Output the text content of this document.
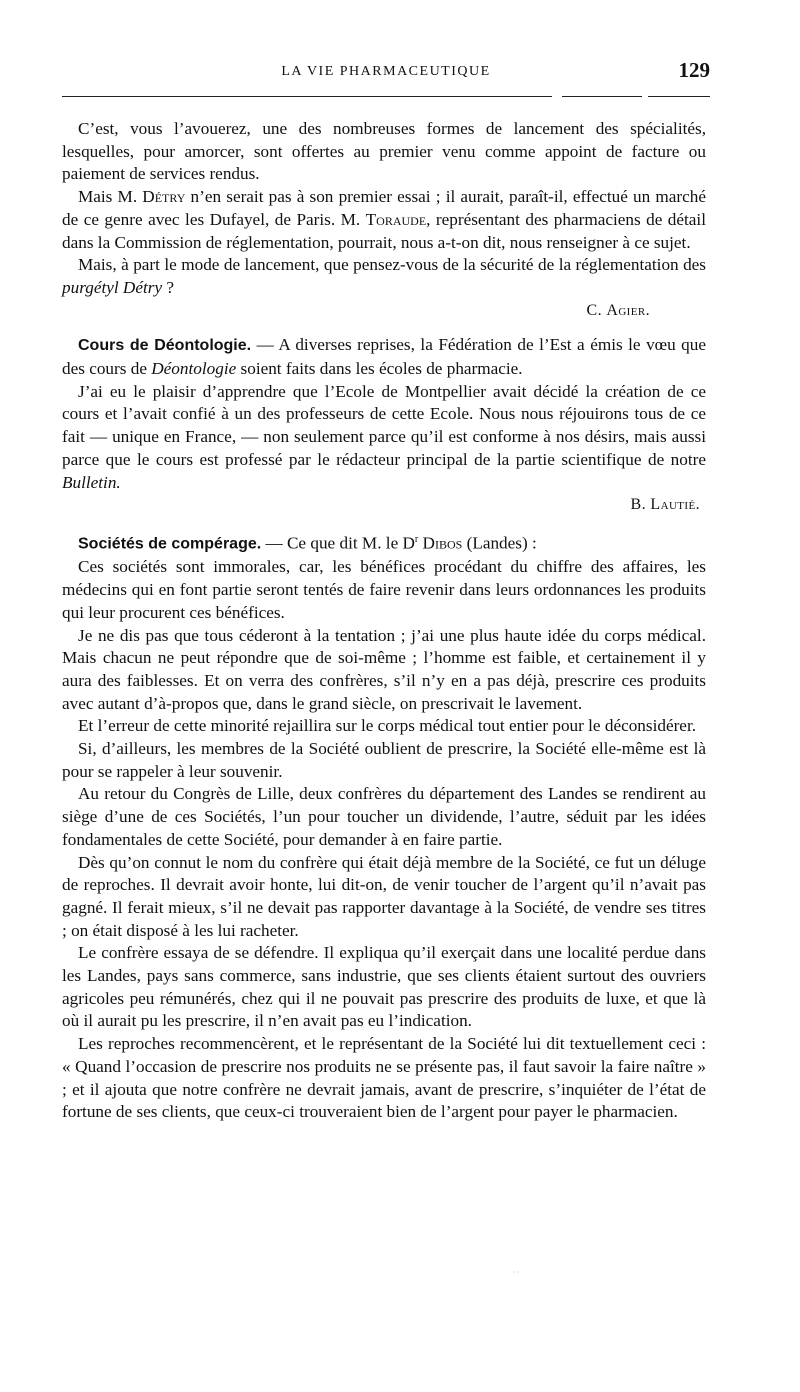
LA VIE PHARMACEUTIQUE	129

C’est, vous l’avouerez, une des nombreuses formes de lancement des spécialités, lesquelles, pour amorcer, sont offertes au premier venu comme appoint de facture ou paiement de services rendus.

Mais M. Détry n’en serait pas à son premier essai ; il aurait, paraît-il, effectué un marché de ce genre avec les Dufayel, de Paris. M. Toraude, représentant des pharmaciens de détail dans la Commission de réglementation, pourrait, nous a-t-on dit, nous renseigner à ce sujet.

Mais, à part le mode de lancement, que pensez-vous de la sécurité de la réglementation des purgétyl Détry ?

C. Agier.

Cours de Déontologie. — A diverses reprises, la Fédération de l’Est a émis le vœu que des cours de Déontologie soient faits dans les écoles de pharmacie.

J’ai eu le plaisir d’apprendre que l’Ecole de Montpellier avait décidé la création de ce cours et l’avait confié à un des professeurs de cette Ecole. Nous nous réjouirons tous de ce fait — unique en France, — non seulement parce qu’il est conforme à nos désirs, mais aussi parce que le cours est professé par le rédacteur principal de la partie scientifique de notre Bulletin.

B. Lautié.

Sociétés de compérage. — Ce que dit M. le $D^r$ Dibos (Landes) :

Ces sociétés sont immorales, car, les bénéfices procédant du chiffre des affaires, les médecins qui en font partie seront tentés de faire revenir dans leurs ordonnances les produits qui leur procurent ces bénéfices.

Je ne dis pas que tous céderont à la tentation ; j’ai une plus haute idée du corps médical. Mais chacun ne peut répondre que de soi-même ; l’homme est faible, et certainement il y aura des faiblesses. Et on verra des confrères, s’il n’y en a pas déjà, prescrire ces produits avec autant d’à-propos que, dans le grand siècle, on prescrivait le lavement.

Et l’erreur de cette minorité rejaillira sur le corps médical tout entier pour le déconsidérer.

Si, d’ailleurs, les membres de la Société oublient de prescrire, la Société elle-même est là pour se rappeler à leur souvenir.

Au retour du Congrès de Lille, deux confrères du département des Landes se rendirent au siège d’une de ces Sociétés, l’un pour toucher un dividende, l’autre, séduit par les idées fondamentales de cette Société, pour demander à en faire partie.

Dès qu’on connut le nom du confrère qui était déjà membre de la Société, ce fut un déluge de reproches. Il devrait avoir honte, lui dit-on, de venir toucher de l’argent qu’il n’avait pas gagné. Il ferait mieux, s’il ne devait pas rapporter davantage à la Société, de vendre ses titres ; on était disposé à les lui racheter.

Le confrère essaya de se défendre. Il expliqua qu’il exerçait dans une localité perdue dans les Landes, pays sans commerce, sans industrie, que ses clients étaient surtout des ouvriers agricoles peu rémunérés, chez qui il ne pouvait pas prescrire des produits de luxe, et que là où il aurait pu les prescrire, il n’en avait pas eu l’indication.

Les reproches recommencèrent, et le représentant de la Société lui dit textuellement ceci : « Quand l’occasion de prescrire nos produits ne se présente pas, il faut savoir la faire naître » ; et il ajouta que notre confrère ne devrait jamais, avant de prescrire, s’inquiéter de l’état de fortune de ses clients, que ceux-ci trouveraient bien de l’argent pour payer le pharmacien.

· ·
